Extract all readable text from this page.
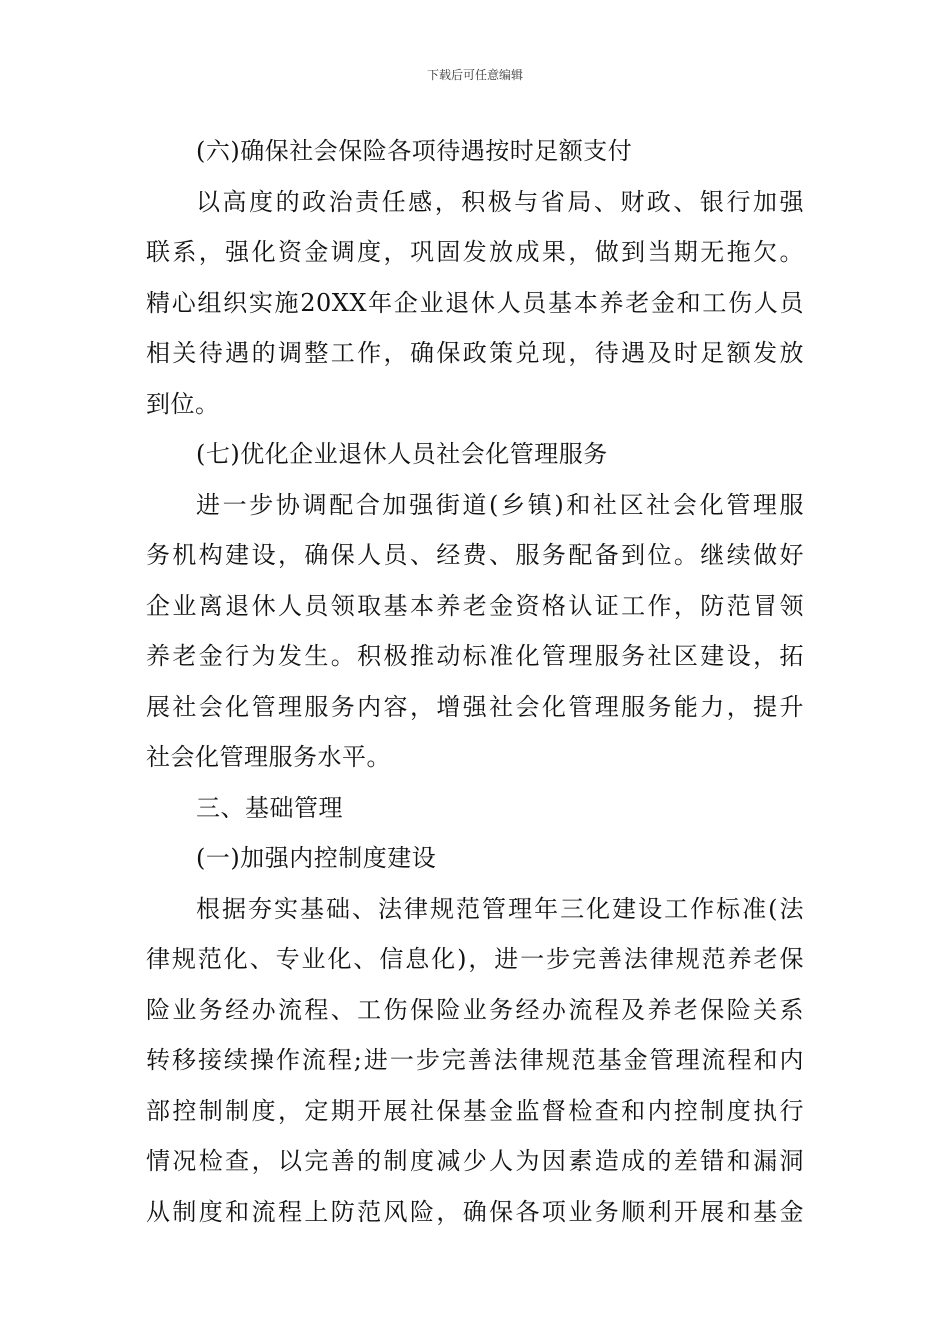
下载后可任意编辑
(六)确保社会保险各项待遇按时足额支付
以高度的政治责任感，积极与省局、财政、银行加强
联系，强化资金调度，巩固发放成果，做到当期无拖欠。
精心组织实施20XX年企业退休人员基本养老金和工伤人员
相关待遇的调整工作，确保政策兑现，待遇及时足额发放
到位。
(七)优化企业退休人员社会化管理服务
进一步协调配合加强街道(乡镇)和社区社会化管理服
务机构建设，确保人员、经费、服务配备到位。继续做好
企业离退休人员领取基本养老金资格认证工作，防范冒领
养老金行为发生。积极推动标准化管理服务社区建设，拓
展社会化管理服务内容，增强社会化管理服务能力，提升
社会化管理服务水平。
三、基础管理
(一)加强内控制度建设
根据夯实基础、法律规范管理年三化建设工作标准(法
律规范化、专业化、信息化)，进一步完善法律规范养老保
险业务经办流程、工伤保险业务经办流程及养老保险关系
转移接续操作流程;进一步完善法律规范基金管理流程和内
部控制制度，定期开展社保基金监督检查和内控制度执行
情况检查，以完善的制度减少人为因素造成的差错和漏洞
从制度和流程上防范风险，确保各项业务顺利开展和基金
